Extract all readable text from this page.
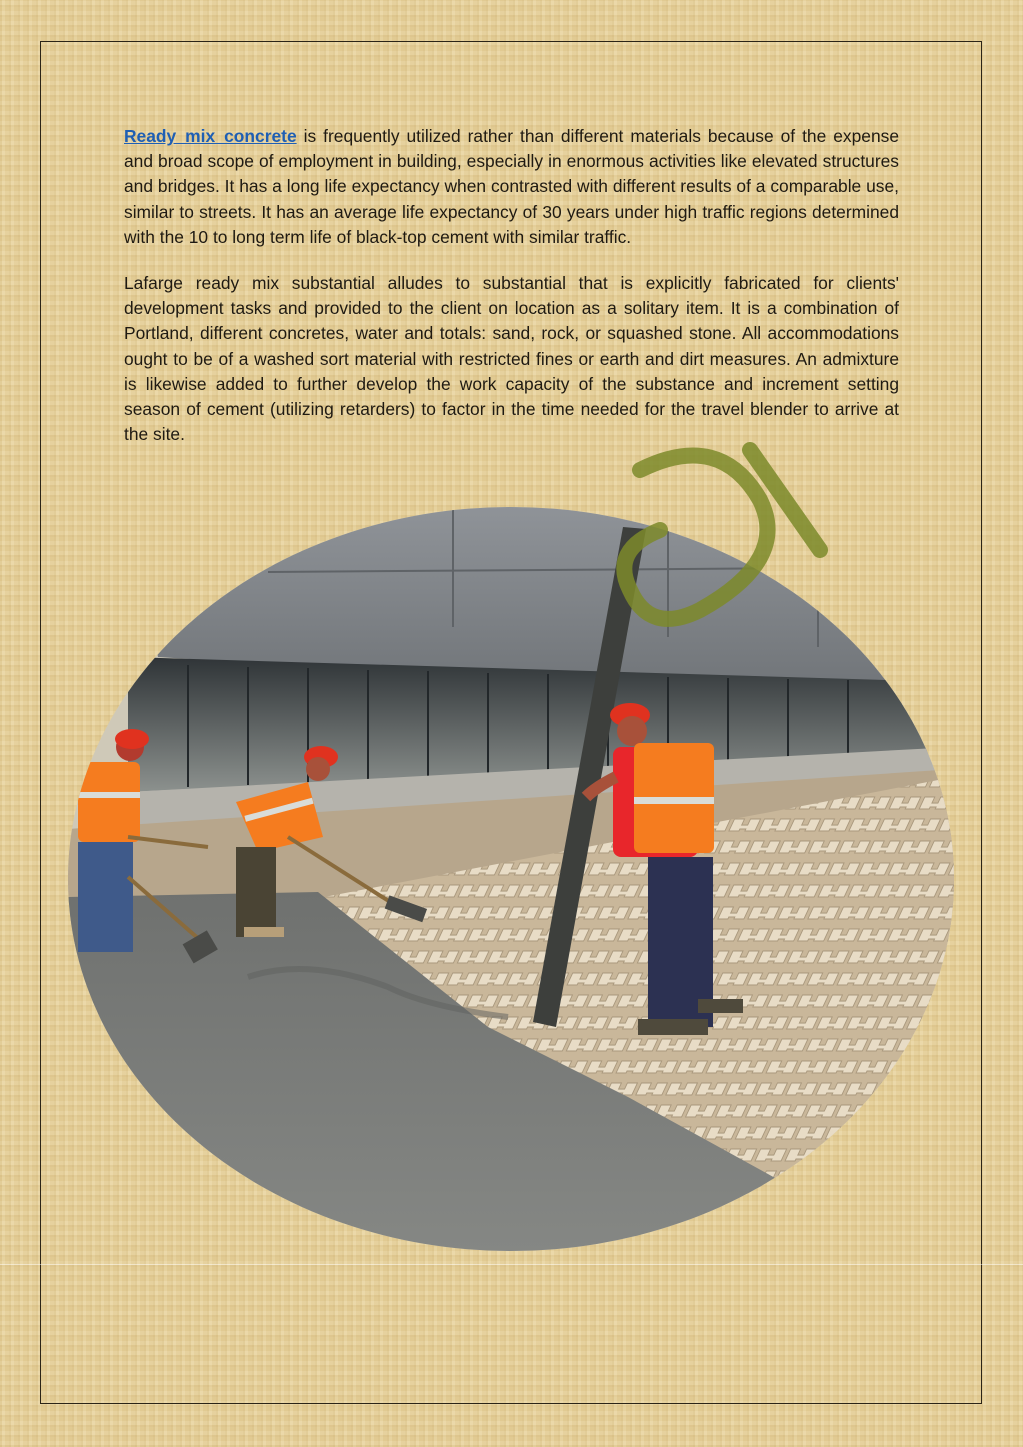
Ready mix concrete is frequently utilized rather than different materials because of the expense and broad scope of employment in building, especially in enormous activities like elevated structures and bridges. It has a long life expectancy when contrasted with different results of a comparable use, similar to streets. It has an average life expectancy of 30 years under high traffic regions determined with the 10 to long term life of black-top cement with similar traffic.

Lafarge ready mix substantial alludes to substantial that is explicitly fabricated for clients' development tasks and provided to the client on location as a solitary item. It is a combination of Portland, different concretes, water and totals: sand, rock, or squashed stone. All accommodations ought to be of a washed sort material with restricted fines or earth and dirt measures. An admixture is likewise added to further develop the work capacity of the substance and increment setting season of cement (utilizing retarders) to factor in the time needed for the travel blender to arrive at the site.
